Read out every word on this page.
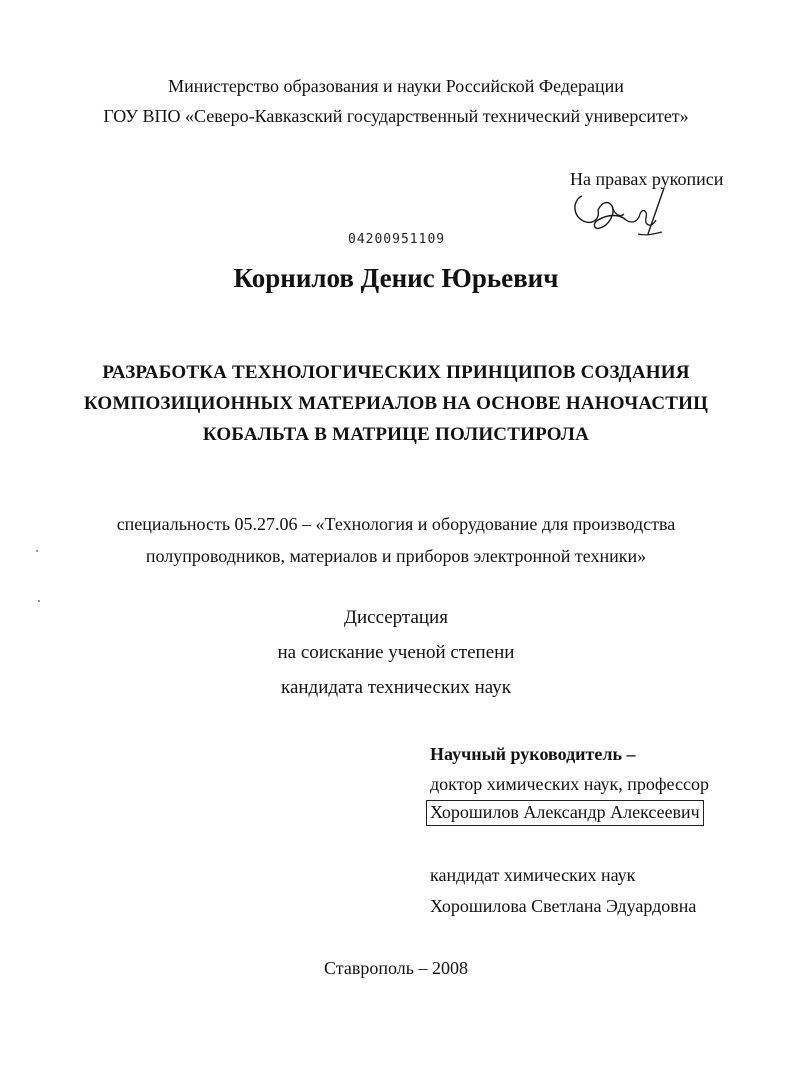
Министерство образования и науки Российской Федерации
ГОУ ВПО «Северо-Кавказский государственный технический университет»
На правах рукописи
04200951109
Корнилов Денис Юрьевич
РАЗРАБОТКА ТЕХНОЛОГИЧЕСКИХ ПРИНЦИПОВ СОЗДАНИЯ
КОМПОЗИЦИОННЫХ МАТЕРИАЛОВ НА ОСНОВЕ НАНОЧАСТИЦ
КОБАЛЬТА В МАТРИЦЕ ПОЛИСТИРОЛА
специальность 05.27.06 – «Технология и оборудование для производства
полупроводников, материалов и приборов электронной техники»
Диссертация
на соискание ученой степени
кандидата технических наук
Научный руководитель –
доктор химических наук, профессор
Хорошилов Александр Алексеевич
кандидат химических наук
Хорошилова Светлана Эдуардовна
Ставрополь – 2008
